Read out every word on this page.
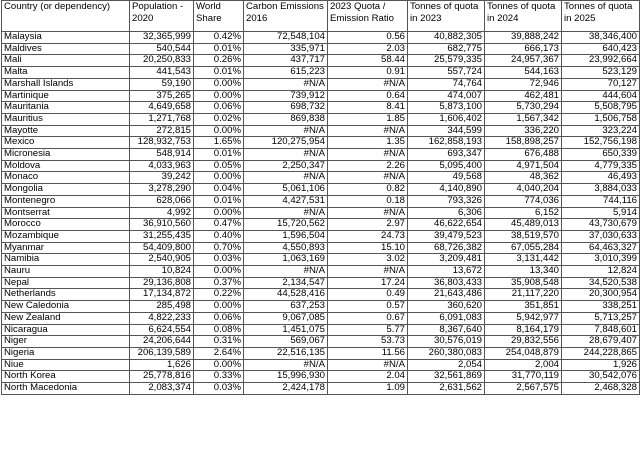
Country (or dependency)	Population - 2020	World Share	Carbon Emissions 2016	2023 Quota / Emission Ratio	Tonnes of quota in 2023	Tonnes of quota in 2024	Tonnes of quota in 2025
Malaysia	32,365,999	0.42%	72,548,104	0.56	40,882,305	39,888,242	38,346,400
Maldives	540,544	0.01%	335,971	2.03	682,775	666,173	640,423
Mali	20,250,833	0.26%	437,717	58.44	25,579,335	24,957,367	23,992,664
Malta	441,543	0.01%	615,223	0.91	557,724	544,163	523,129
Marshall Islands	59,190	0.00%	#N/A	#N/A	74,764	72,946	70,127
Martinique	375,265	0.00%	739,912	0.64	474,007	462,481	444,604
Mauritania	4,649,658	0.06%	698,732	8.41	5,873,100	5,730,294	5,508,795
Mauritius	1,271,768	0.02%	869,838	1.85	1,606,402	1,567,342	1,506,758
Mayotte	272,815	0.00%	#N/A	#N/A	344,599	336,220	323,224
Mexico	128,932,753	1.65%	120,275,954	1.35	162,858,193	158,898,257	152,756,198
Micronesia	548,914	0.01%	#N/A	#N/A	693,347	676,488	650,339
Moldova	4,033,963	0.05%	2,250,347	2.26	5,095,400	4,971,504	4,779,335
Monaco	39,242	0.00%	#N/A	#N/A	49,568	48,362	46,493
Mongolia	3,278,290	0.04%	5,061,106	0.82	4,140,890	4,040,204	3,884,033
Montenegro	628,066	0.01%	4,427,531	0.18	793,326	774,036	744,116
Montserrat	4,992	0.00%	#N/A	#N/A	6,306	6,152	5,914
Morocco	36,910,560	0.47%	15,720,562	2.97	46,622,654	45,489,013	43,730,679
Mozambique	31,255,435	0.40%	1,596,504	24.73	39,479,523	38,519,570	37,030,633
Myanmar	54,409,800	0.70%	4,550,893	15.10	68,726,382	67,055,284	64,463,327
Namibia	2,540,905	0.03%	1,063,169	3.02	3,209,481	3,131,442	3,010,399
Nauru	10,824	0.00%	#N/A	#N/A	13,672	13,340	12,824
Nepal	29,136,808	0.37%	2,134,547	17.24	36,803,433	35,908,548	34,520,538
Netherlands	17,134,872	0.22%	44,528,416	0.49	21,643,486	21,117,220	20,300,954
New Caledonia	285,498	0.00%	637,253	0.57	360,620	351,851	338,251
New Zealand	4,822,233	0.06%	9,067,085	0.67	6,091,083	5,942,977	5,713,257
Nicaragua	6,624,554	0.08%	1,451,075	5.77	8,367,640	8,164,179	7,848,601
Niger	24,206,644	0.31%	569,067	53.73	30,576,019	29,832,556	28,679,407
Nigeria	206,139,589	2.64%	22,516,135	11.56	260,380,083	254,048,879	244,228,865
Niue	1,626	0.00%	#N/A	#N/A	2,054	2,004	1,926
North Korea	25,778,816	0.33%	15,996,930	2.04	32,561,869	31,770,119	30,542,076
North Macedonia	2,083,374	0.03%	2,424,178	1.09	2,631,562	2,567,575	2,468,328
